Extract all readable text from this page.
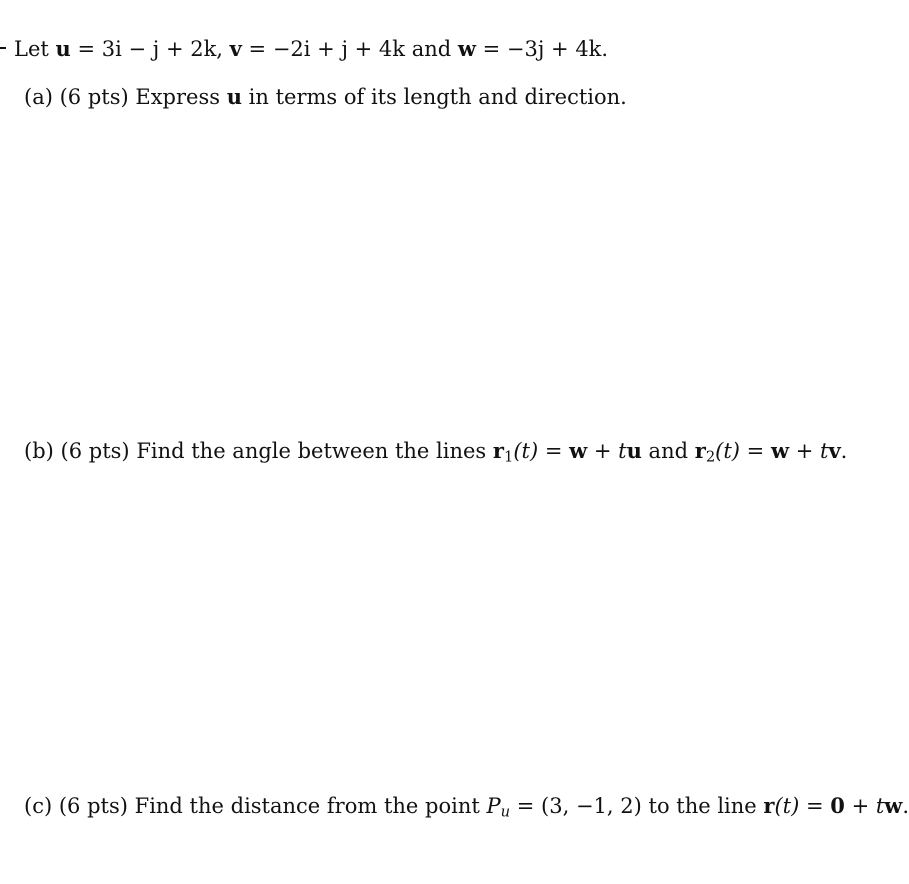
Let u = 3i − j + 2k, v = −2i + j + 4k and w = −3j + 4k.
(a) (6 pts) Express u in terms of its length and direction.
(b) (6 pts) Find the angle between the lines $r_1(t) = w$ + tu and $r_2(t) = w$ + tv.
(c) (6 pts) Find the distance from the point $P_u = (3$, −1, 2) to the line r(t) = 0 + tw.
